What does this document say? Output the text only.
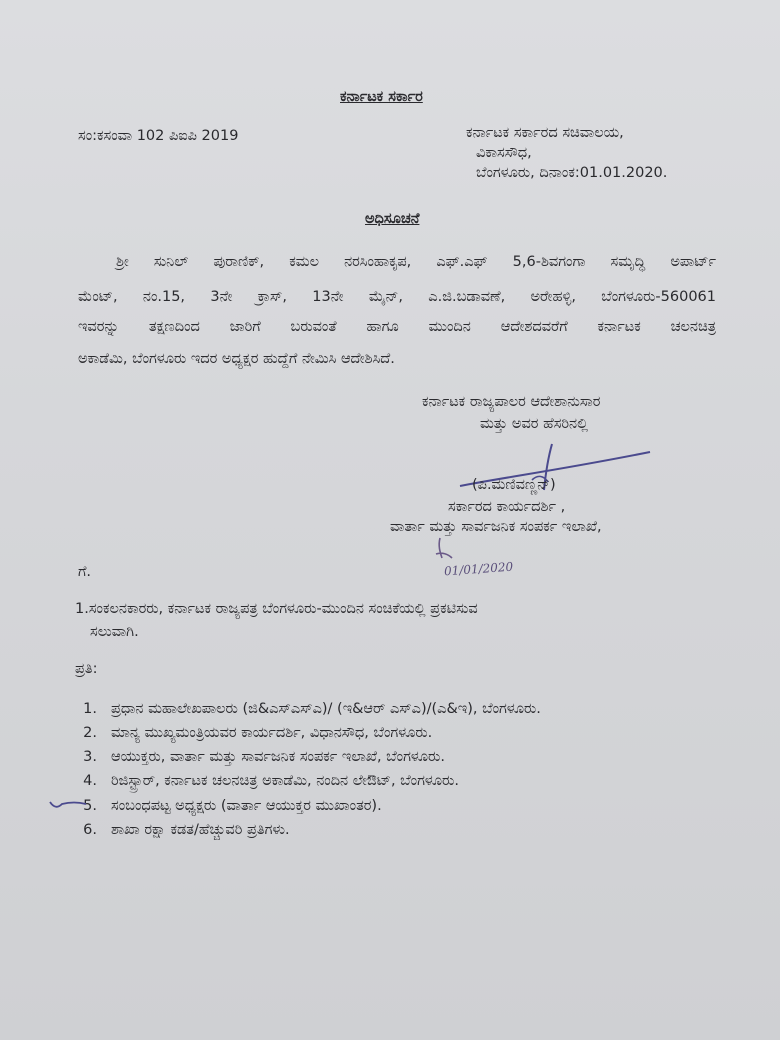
ಕರ್ನಾಟಕ ಸರ್ಕಾರ
ಸಂ:ಕಸಂವಾ 102 ಪಿಐಪಿ 2019	ಕರ್ನಾಟಕ ಸರ್ಕಾರದ ಸಚಿವಾಲಯ,
ವಿಕಾಸಸೌಧ,
ಬೆಂಗಳೂರು, ದಿನಾಂಕ:01.01.2020.
ಅಧಿಸೂಚನೆ
ಶ್ರೀ ಸುನಿಲ್ ಪುರಾಣಿಕ್, ಕಮಲ ನರಸಿಂಹಾಕೃಪ, ಎಫ್.ಎಫ್ 5,6-ಶಿವಗಂಗಾ ಸಮೃದ್ಧಿ ಅಪಾರ್ಟ್
ಮೆಂಟ್, ನಂ.15, 3ನೇ ಕ್ರಾಸ್, 13ನೇ ಮೈನ್, ಎ.ಜಿ.ಬಡಾವಣೆ, ಅರೇಹಳ್ಳಿ, ಬೆಂಗಳೂರು-560061
ಇವರನ್ನು ತಕ್ಷಣದಿಂದ ಜಾರಿಗೆ ಬರುವಂತೆ ಹಾಗೂ ಮುಂದಿನ ಆದೇಶದವರೆಗೆ ಕರ್ನಾಟಕ ಚಲನಚಿತ್ರ
ಅಕಾಡೆಮಿ, ಬೆಂಗಳೂರು ಇದರ ಅಧ್ಯಕ್ಷರ ಹುದ್ದೆಗೆ ನೇಮಿಸಿ ಆದೇಶಿಸಿದೆ.
ಕರ್ನಾಟಕ ರಾಜ್ಯಪಾಲರ ಆದೇಶಾನುಸಾರ
ಮತ್ತು ಅವರ ಹೆಸರಿನಲ್ಲಿ
(ಪಿ.ಮಣಿವಣ್ಣನ್)
ಸರ್ಕಾರದ ಕಾರ್ಯದರ್ಶಿ ,
ವಾರ್ತಾ ಮತ್ತು ಸಾರ್ವಜನಿಕ ಸಂಪರ್ಕ ಇಲಾಖೆ,
01/01/2020
ಗೆ.
1.ಸಂಕಲನಕಾರರು, ಕರ್ನಾಟಕ ರಾಜ್ಯಪತ್ರ ಬೆಂಗಳೂರು-ಮುಂದಿನ ಸಂಚಿಕೆಯಲ್ಲಿ ಪ್ರಕಟಿಸುವ
ಸಲುವಾಗಿ.
ಪ್ರತಿ:
1. ಪ್ರಧಾನ ಮಹಾಲೇಖಪಾಲರು (ಜಿ&ಎಸ್ಎಸ್ಎ)/ (ಇ&ಆರ್ ಎಸ್ಎ)/(ಎ&ಇ), ಬೆಂಗಳೂರು.
2. ಮಾನ್ಯ ಮುಖ್ಯಮಂತ್ರಿಯವರ ಕಾರ್ಯದರ್ಶಿ, ವಿಧಾನಸೌಧ, ಬೆಂಗಳೂರು.
3. ಆಯುಕ್ತರು, ವಾರ್ತಾ ಮತ್ತು ಸಾರ್ವಜನಿಕ ಸಂಪರ್ಕ ಇಲಾಖೆ, ಬೆಂಗಳೂರು.
4. ರಿಜಿಸ್ಟ್ರಾರ್, ಕರ್ನಾಟಕ ಚಲನಚಿತ್ರ ಅಕಾಡೆಮಿ, ನಂದಿನ ಲೇಔಟ್, ಬೆಂಗಳೂರು.
5. ಸಂಬಂಧಪಟ್ಟ ಅಧ್ಯಕ್ಷರು (ವಾರ್ತಾ ಆಯುಕ್ತರ ಮುಖಾಂತರ).
6. ಶಾಖಾ ರಕ್ಷಾ ಕಡತ/ಹೆಚ್ಚುವರಿ ಪ್ರತಿಗಳು.
